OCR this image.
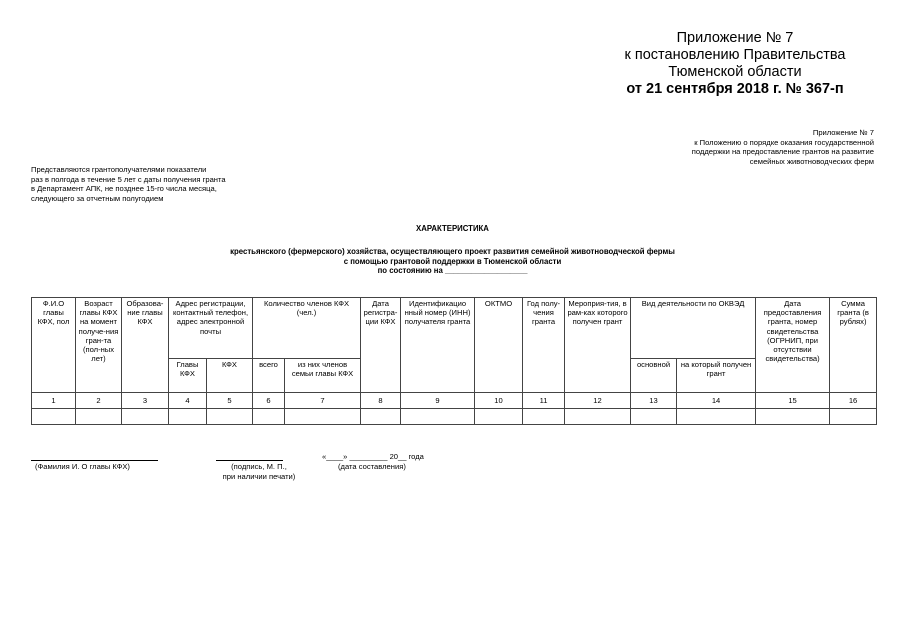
Приложение № 7
к постановлению Правительства
Тюменской области
от 21 сентября 2018 г. № 367-п
Приложение № 7
к Положению о порядке оказания государственной
поддержки на предоставление грантов на развитие
семейных животноводческих ферм
Представляются грантополучателями показатели
раз в полгода в течение 5 лет с даты получения гранта
в Департамент АПК, не позднее 15-го числа месяца,
следующего за отчетным полугодием
ХАРАКТЕРИСТИКА
крестьянского (фермерского) хозяйства, осуществляющего проект развития семейной животноводческой фермы
с помощью грантовой поддержки в Тюменской области
по состоянию на ___________________
Ф.И.О главы КФХ, пол	Возраст главы КФХ на момент получе-ния гран-та (пол-ных лет)	Образова-ние главы КФХ	Адрес регистрации, контактный телефон, адрес электронной почты		Количество членов КФХ (чел.)		Дата регистра-ции КФХ	Идентификацио нный номер (ИНН) получателя гранта	ОКТМО	Год полу-чения гранта	Мероприя-тия, в рам-ках которого получен грант	Вид деятельности по ОКВЭД		Дата предоставления гранта, номер свидетельства (ОГРНИП, при отсутствии свидетельства)	Сумма гранта (в рублях)
			Главы КФХ	КФХ	всего	из них членов семьи главы КФХ						основной	на который получен грант		
1	2	3	4	5	6	7	8	9	10	11	12	13	14	15	16

(Фамилия И. О главы КФХ)	(подпись, М. П.,
при наличии печати)
«____» _________ 20__ года
(дата составления)
